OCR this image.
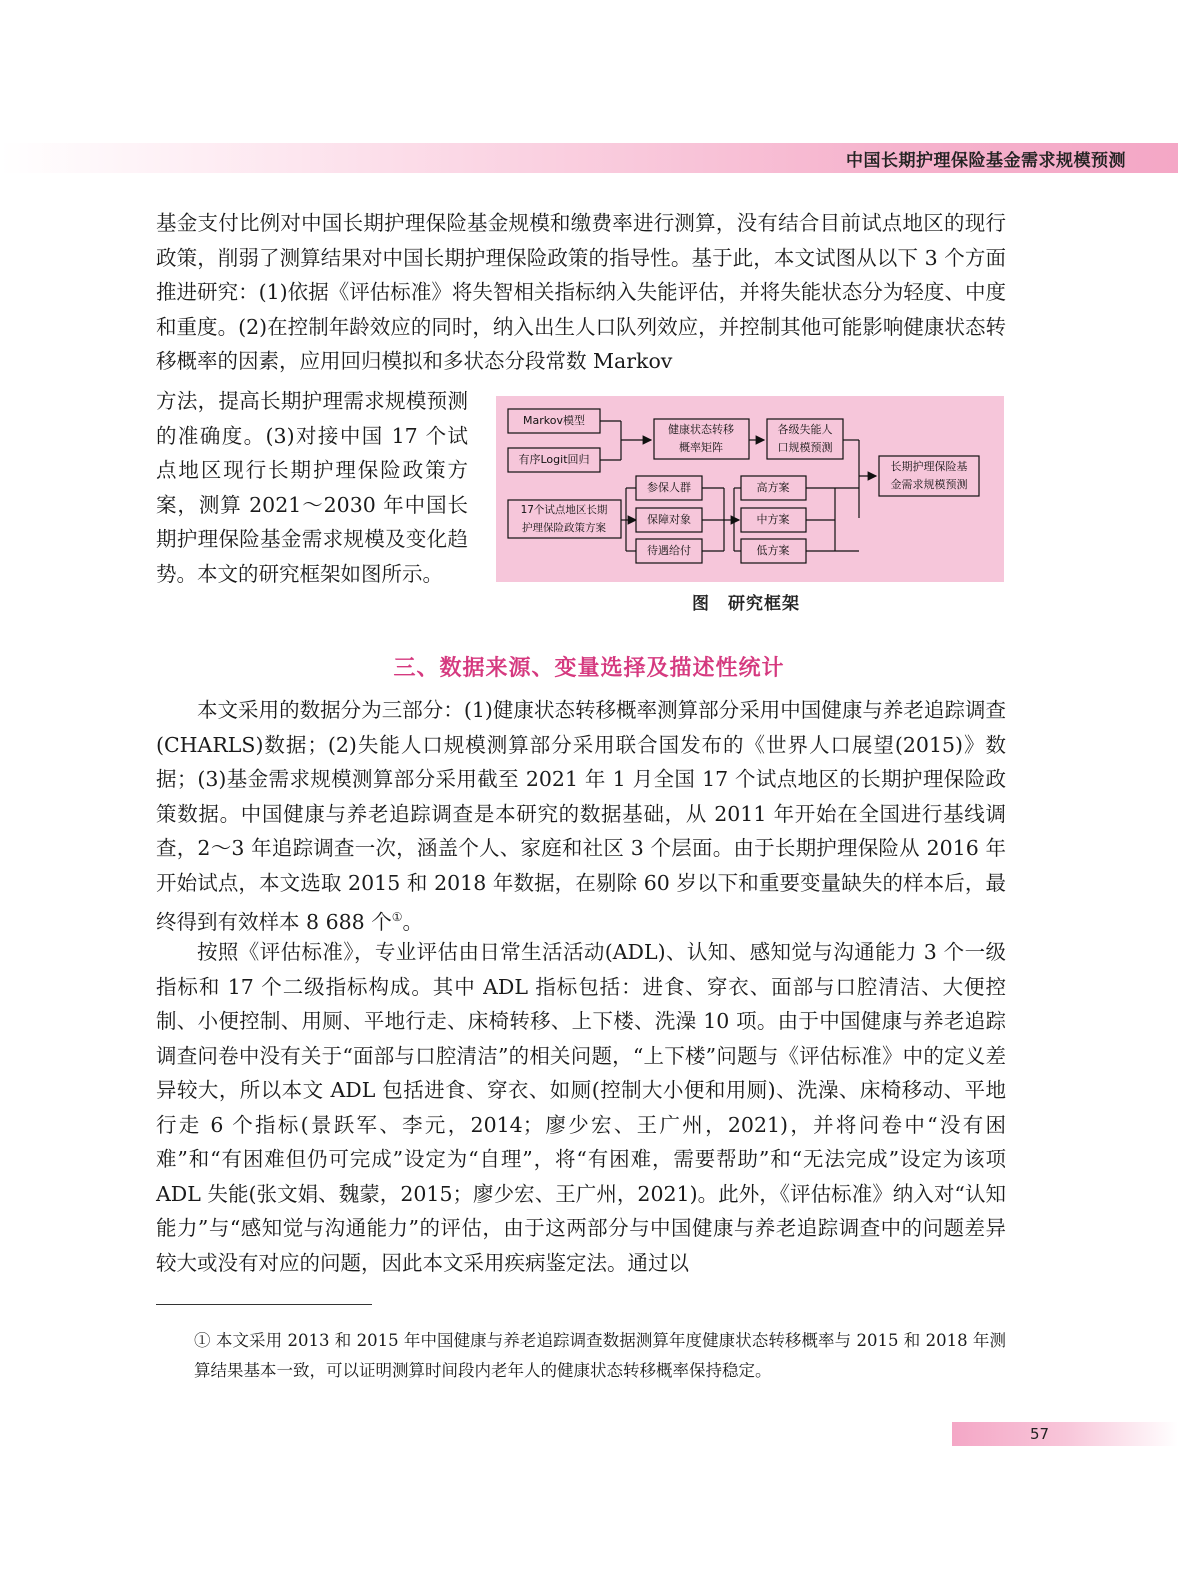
中国长期护理保险基金需求规模预测

基金支付比例对中国长期护理保险基金规模和缴费率进行测算，没有结合目前试点地区的现行政策，削弱了测算结果对中国长期护理保险政策的指导性。基于此，本文试图从以下 3 个方面推进研究：(1)依据《评估标准》将失智相关指标纳入失能评估，并将失能状态分为轻度、中度和重度。(2)在控制年龄效应的同时，纳入出生人口队列效应，并控制其他可能影响健康状态转移概率的因素，应用回归模拟和多状态分段常数 Markov

方法，提高长期护理需求规模预测的准确度。(3)对接中国 17 个试点地区现行长期护理保险政策方案，测算 2021～2030 年中国长期护理保险基金需求规模及变化趋势。本文的研究框架如图所示。

Markov模型
有序Logit回归
健康状态转移
概率矩阵
各级失能人
口规模预测
长期护理保险基
金需求规模预测
17个试点地区长期
护理保险政策方案
参保人群
保障对象
待遇给付
高方案
中方案
低方案
图　研究框架
三、数据来源、变量选择及描述性统计

本文采用的数据分为三部分：(1)健康状态转移概率测算部分采用中国健康与养老追踪调查(CHARLS)数据；(2)失能人口规模测算部分采用联合国发布的《世界人口展望(2015)》数据；(3)基金需求规模测算部分采用截至 2021 年 1 月全国 17 个试点地区的长期护理保险政策数据。中国健康与养老追踪调查是本研究的数据基础，从 2011 年开始在全国进行基线调查，2～3 年追踪调查一次，涵盖个人、家庭和社区 3 个层面。由于长期护理保险从 2016 年开始试点，本文选取 2015 和 2018 年数据，在剔除 60 岁以下和重要变量缺失的样本后，最终得到有效样本 8 688 个①。

按照《评估标准》，专业评估由日常生活活动(ADL)、认知、感知觉与沟通能力 3 个一级指标和 17 个二级指标构成。其中 ADL 指标包括：进食、穿衣、面部与口腔清洁、大便控制、小便控制、用厕、平地行走、床椅转移、上下楼、洗澡 10 项。由于中国健康与养老追踪调查问卷中没有关于“面部与口腔清洁”的相关问题，“上下楼”问题与《评估标准》中的定义差异较大，所以本文 ADL 包括进食、穿衣、如厕(控制大小便和用厕)、洗澡、床椅移动、平地行走 6 个指标(景跃军、李元，2014；廖少宏、王广州，2021)，并将问卷中“没有困难”和“有困难但仍可完成”设定为“自理”，将“有困难，需要帮助”和“无法完成”设定为该项 ADL 失能(张文娟、魏蒙，2015；廖少宏、王广州，2021)。此外，《评估标准》纳入对“认知能力”与“感知觉与沟通能力”的评估，由于这两部分与中国健康与养老追踪调查中的问题差异较大或没有对应的问题，因此本文采用疾病鉴定法。通过以

① 本文采用 2013 和 2015 年中国健康与养老追踪调查数据测算年度健康状态转移概率与 2015 和 2018 年测算结果基本一致，可以证明测算时间段内老年人的健康状态转移概率保持稳定。

57
